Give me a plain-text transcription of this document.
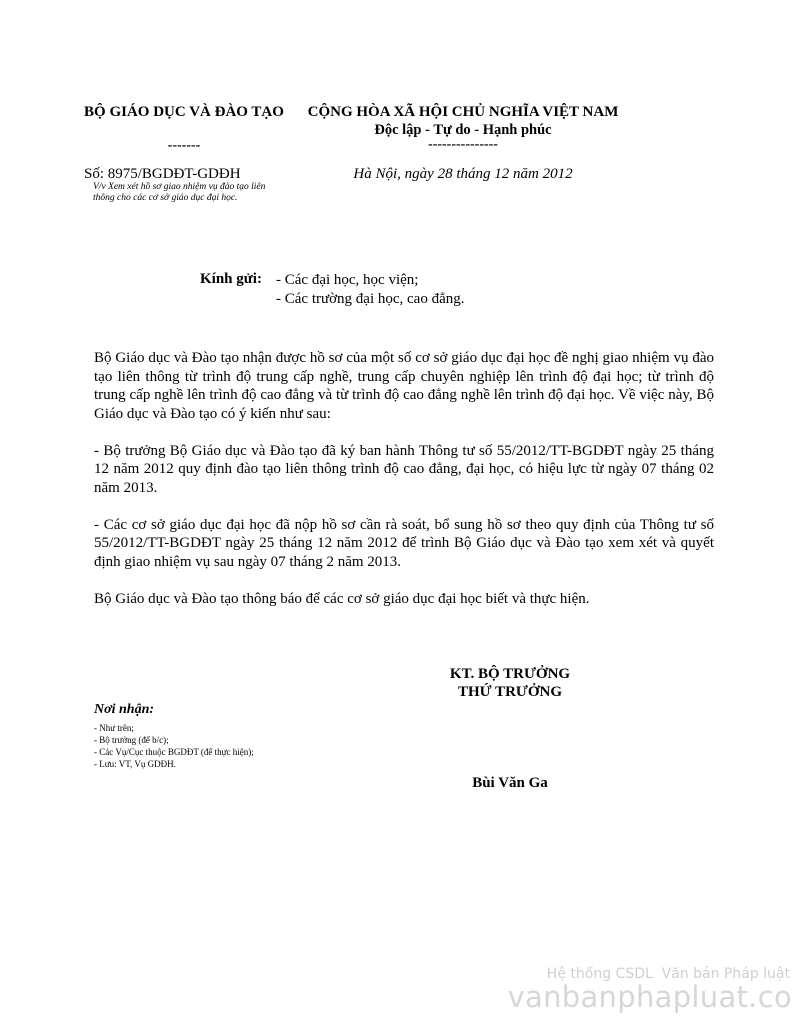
BỘ GIÁO DỤC VÀ ĐÀO TẠO
-------
Số: 8975/BGDĐT-GDĐH
V/v Xem xét hồ sơ giao nhiệm vụ đào tạo liên thông cho các cơ sở giáo dục đại học.
CỘNG HÒA XÃ HỘI CHỦ NGHĨA VIỆT NAM
Độc lập - Tự do - Hạnh phúc
---------------
Hà Nội, ngày 28 tháng 12 năm 2012
Kính gửi: - Các đại học, học viện;
- Các trường đại học, cao đẳng.

Bộ Giáo dục và Đào tạo nhận được hồ sơ của một số cơ sở giáo dục đại học đề nghị giao nhiệm vụ đào tạo liên thông từ trình độ trung cấp nghề, trung cấp chuyên nghiệp lên trình độ đại học; từ trình độ trung cấp nghề lên trình độ cao đẳng và từ trình độ cao đẳng nghề lên trình độ đại học. Về việc này, Bộ Giáo dục và Đào tạo có ý kiến như sau:

- Bộ trưởng Bộ Giáo dục và Đào tạo đã ký ban hành Thông tư số 55/2012/TT-BGDĐT ngày 25 tháng 12 năm 2012 quy định đào tạo liên thông trình độ cao đẳng, đại học, có hiệu lực từ ngày 07 tháng 02 năm 2013.

- Các cơ sở giáo dục đại học đã nộp hồ sơ cần rà soát, bổ sung hồ sơ theo quy định của Thông tư số 55/2012/TT-BGDĐT ngày 25 tháng 12 năm 2012 để trình Bộ Giáo dục và Đào tạo xem xét và quyết định giao nhiệm vụ sau ngày 07 tháng 2 năm 2013.

Bộ Giáo dục và Đào tạo thông báo để các cơ sở giáo dục đại học biết và thực hiện.

KT. BỘ TRƯỞNG
THỨ TRƯỞNG
Bùi Văn Ga
Nơi nhận:
- Như trên;
- Bộ trưởng (để b/c);
- Các Vụ/Cục thuộc BGDĐT (để thực hiện);
- Lưu: VT, Vụ GDĐH.
Hệ thống CSDL  Văn bản Pháp luật
vanbanphapluat.co
